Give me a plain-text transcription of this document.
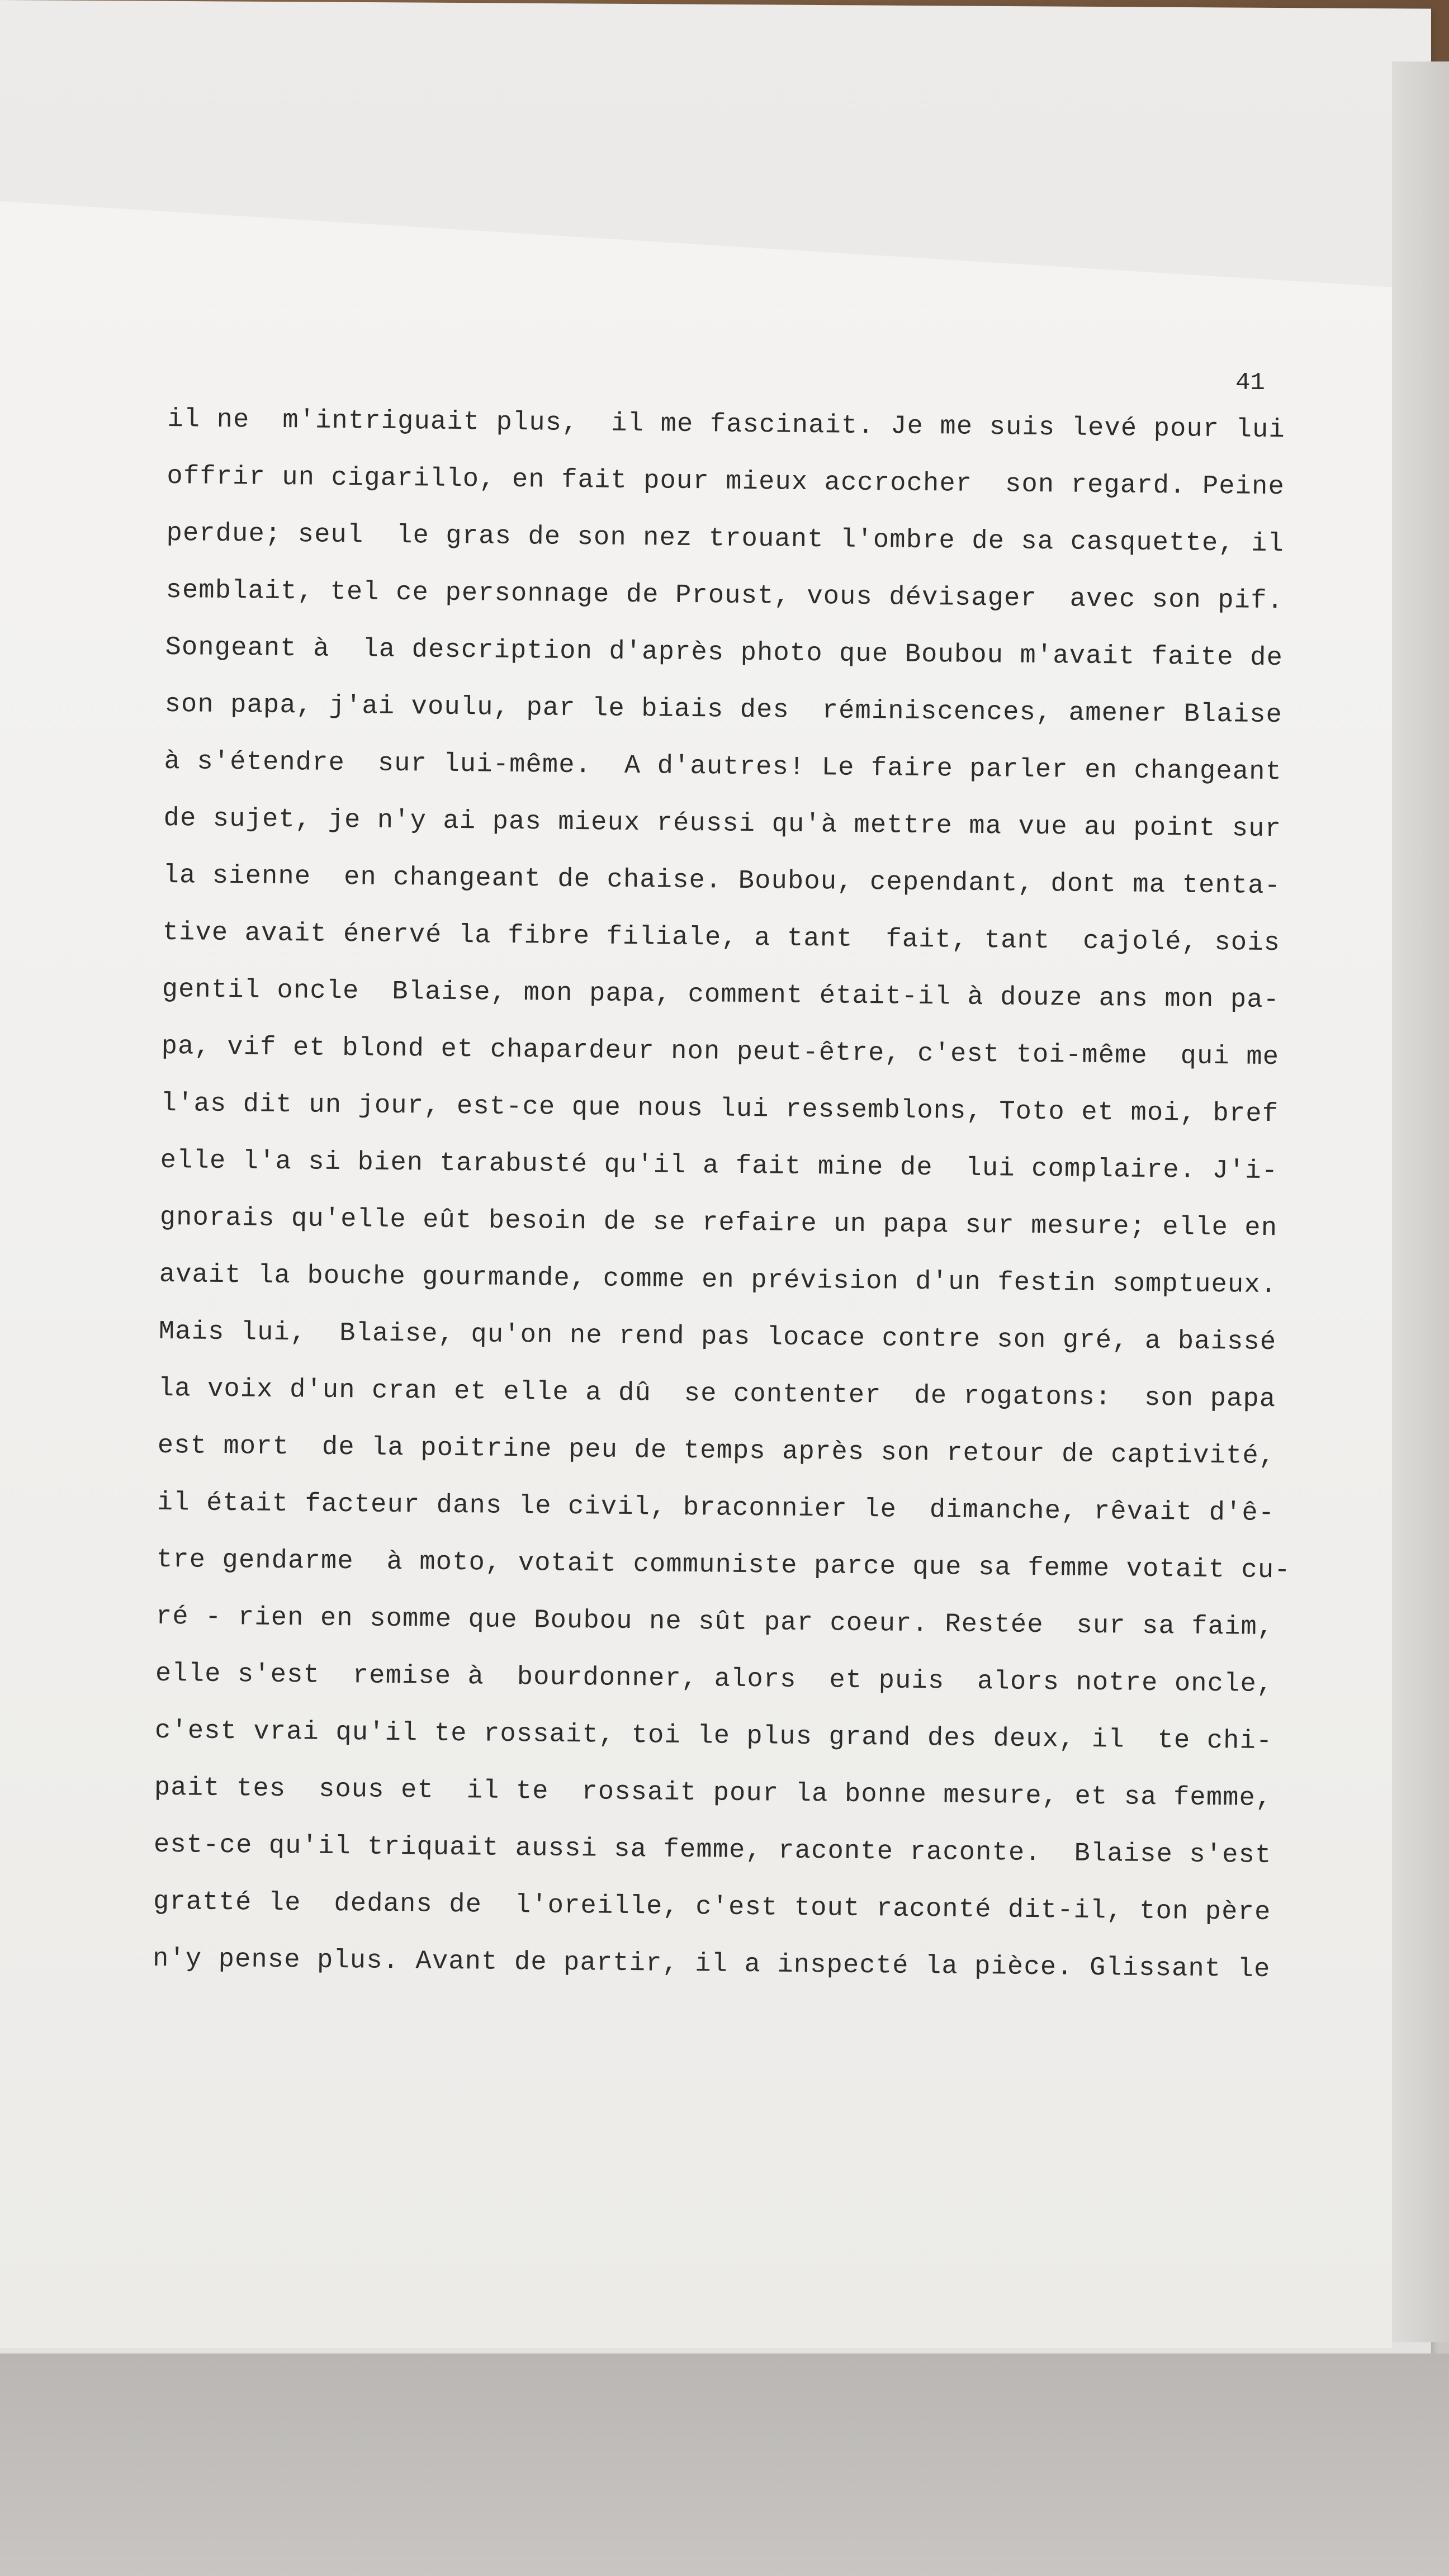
41
il ne  m'intriguait plus,  il me fascinait. Je me suis levé pour lui
offrir un cigarillo, en fait pour mieux accrocher  son regard. Peine
perdue; seul  le gras de son nez trouant l'ombre de sa casquette, il
semblait, tel ce personnage de Proust, vous dévisager  avec son pif.
Songeant à  la description d'après photo que Boubou m'avait faite de
son papa, j'ai voulu, par le biais des  réminiscences, amener Blaise
à s'étendre  sur lui-même.  A d'autres! Le faire parler en changeant
de sujet, je n'y ai pas mieux réussi qu'à mettre ma vue au point sur
la sienne  en changeant de chaise. Boubou, cependant, dont ma tenta-
tive avait énervé la fibre filiale, a tant  fait, tant  cajolé, sois
gentil oncle  Blaise, mon papa, comment était-il à douze ans mon pa-
pa, vif et blond et chapardeur non peut-être, c'est toi-même  qui me
l'as dit un jour, est-ce que nous lui ressemblons, Toto et moi, bref
elle l'a si bien tarabusté qu'il a fait mine de  lui complaire. J'i-
gnorais qu'elle eût besoin de se refaire un papa sur mesure; elle en
avait la bouche gourmande, comme en prévision d'un festin somptueux.
Mais lui,  Blaise, qu'on ne rend pas locace contre son gré, a baissé
la voix d'un cran et elle a dû  se contenter  de rogatons:  son papa
est mort  de la poitrine peu de temps après son retour de captivité,
il était facteur dans le civil, braconnier le  dimanche, rêvait d'ê-
tre gendarme  à moto, votait communiste parce que sa femme votait cu-
ré - rien en somme que Boubou ne sût par coeur. Restée  sur sa faim,
elle s'est  remise à  bourdonner, alors  et puis  alors notre oncle,
c'est vrai qu'il te rossait, toi le plus grand des deux, il  te chi-
pait tes  sous et  il te  rossait pour la bonne mesure, et sa femme,
est-ce qu'il triquait aussi sa femme, raconte raconte.  Blaise s'est
gratté le  dedans de  l'oreille, c'est tout raconté dit-il, ton père
n'y pense plus. Avant de partir, il a inspecté la pièce. Glissant le
